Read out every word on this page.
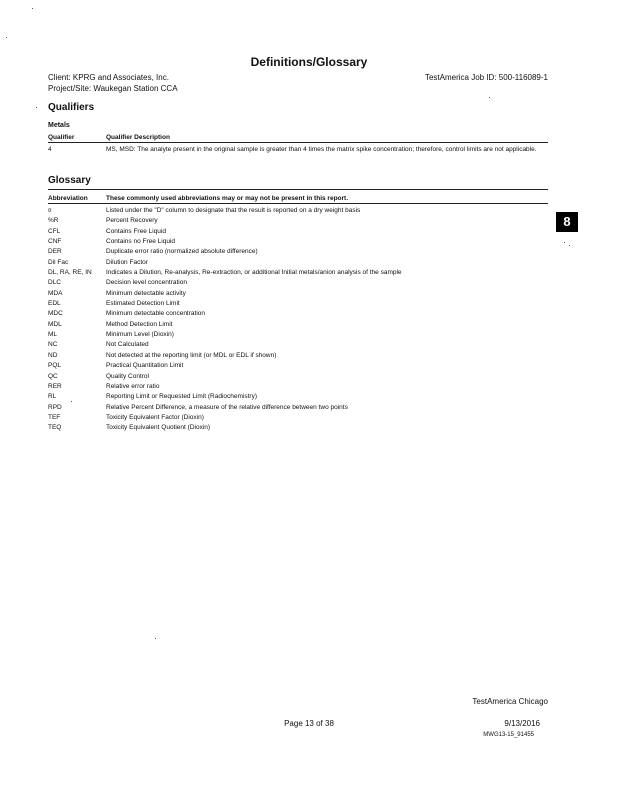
Definitions/Glossary
Client: KPRG and Associates, Inc.
Project/Site: Waukegan Station CCA
TestAmerica Job ID: 500-116089-1
Qualifiers
Metals
Qualifier	Qualifier Description
4	MS, MSD: The analyte present in the original sample is greater than 4 times the matrix spike concentration; therefore, control limits are not applicable.
Glossary
Abbreviation	These commonly used abbreviations may or may not be present in this report.
¤	Listed under the "D" column to designate that the result is reported on a dry weight basis
%R	Percent Recovery
CFL	Contains Free Liquid
CNF	Contains no Free Liquid
DER	Duplicate error ratio (normalized absolute difference)
Dil Fac	Dilution Factor
DL, RA, RE, IN	Indicates a Dilution, Re-analysis, Re-extraction, or additional Initial metals/anion analysis of the sample
DLC	Decision level concentration
MDA	Minimum detectable activity
EDL	Estimated Detection Limit
MDC	Minimum detectable concentration
MDL	Method Detection Limit
ML	Minimum Level (Dioxin)
NC	Not Calculated
ND	Not detected at the reporting limit (or MDL or EDL if shown)
PQL	Practical Quantitation Limit
QC	Quality Control
RER	Relative error ratio
RL	Reporting Limit or Requested Limit (Radiochemistry)
RPD	Relative Percent Difference, a measure of the relative difference between two points
TEF	Toxicity Equivalent Factor (Dioxin)
TEQ	Toxicity Equivalent Quotient (Dioxin)
8
TestAmerica Chicago
Page 13 of 38	9/13/2016
MWG13-15_91455
